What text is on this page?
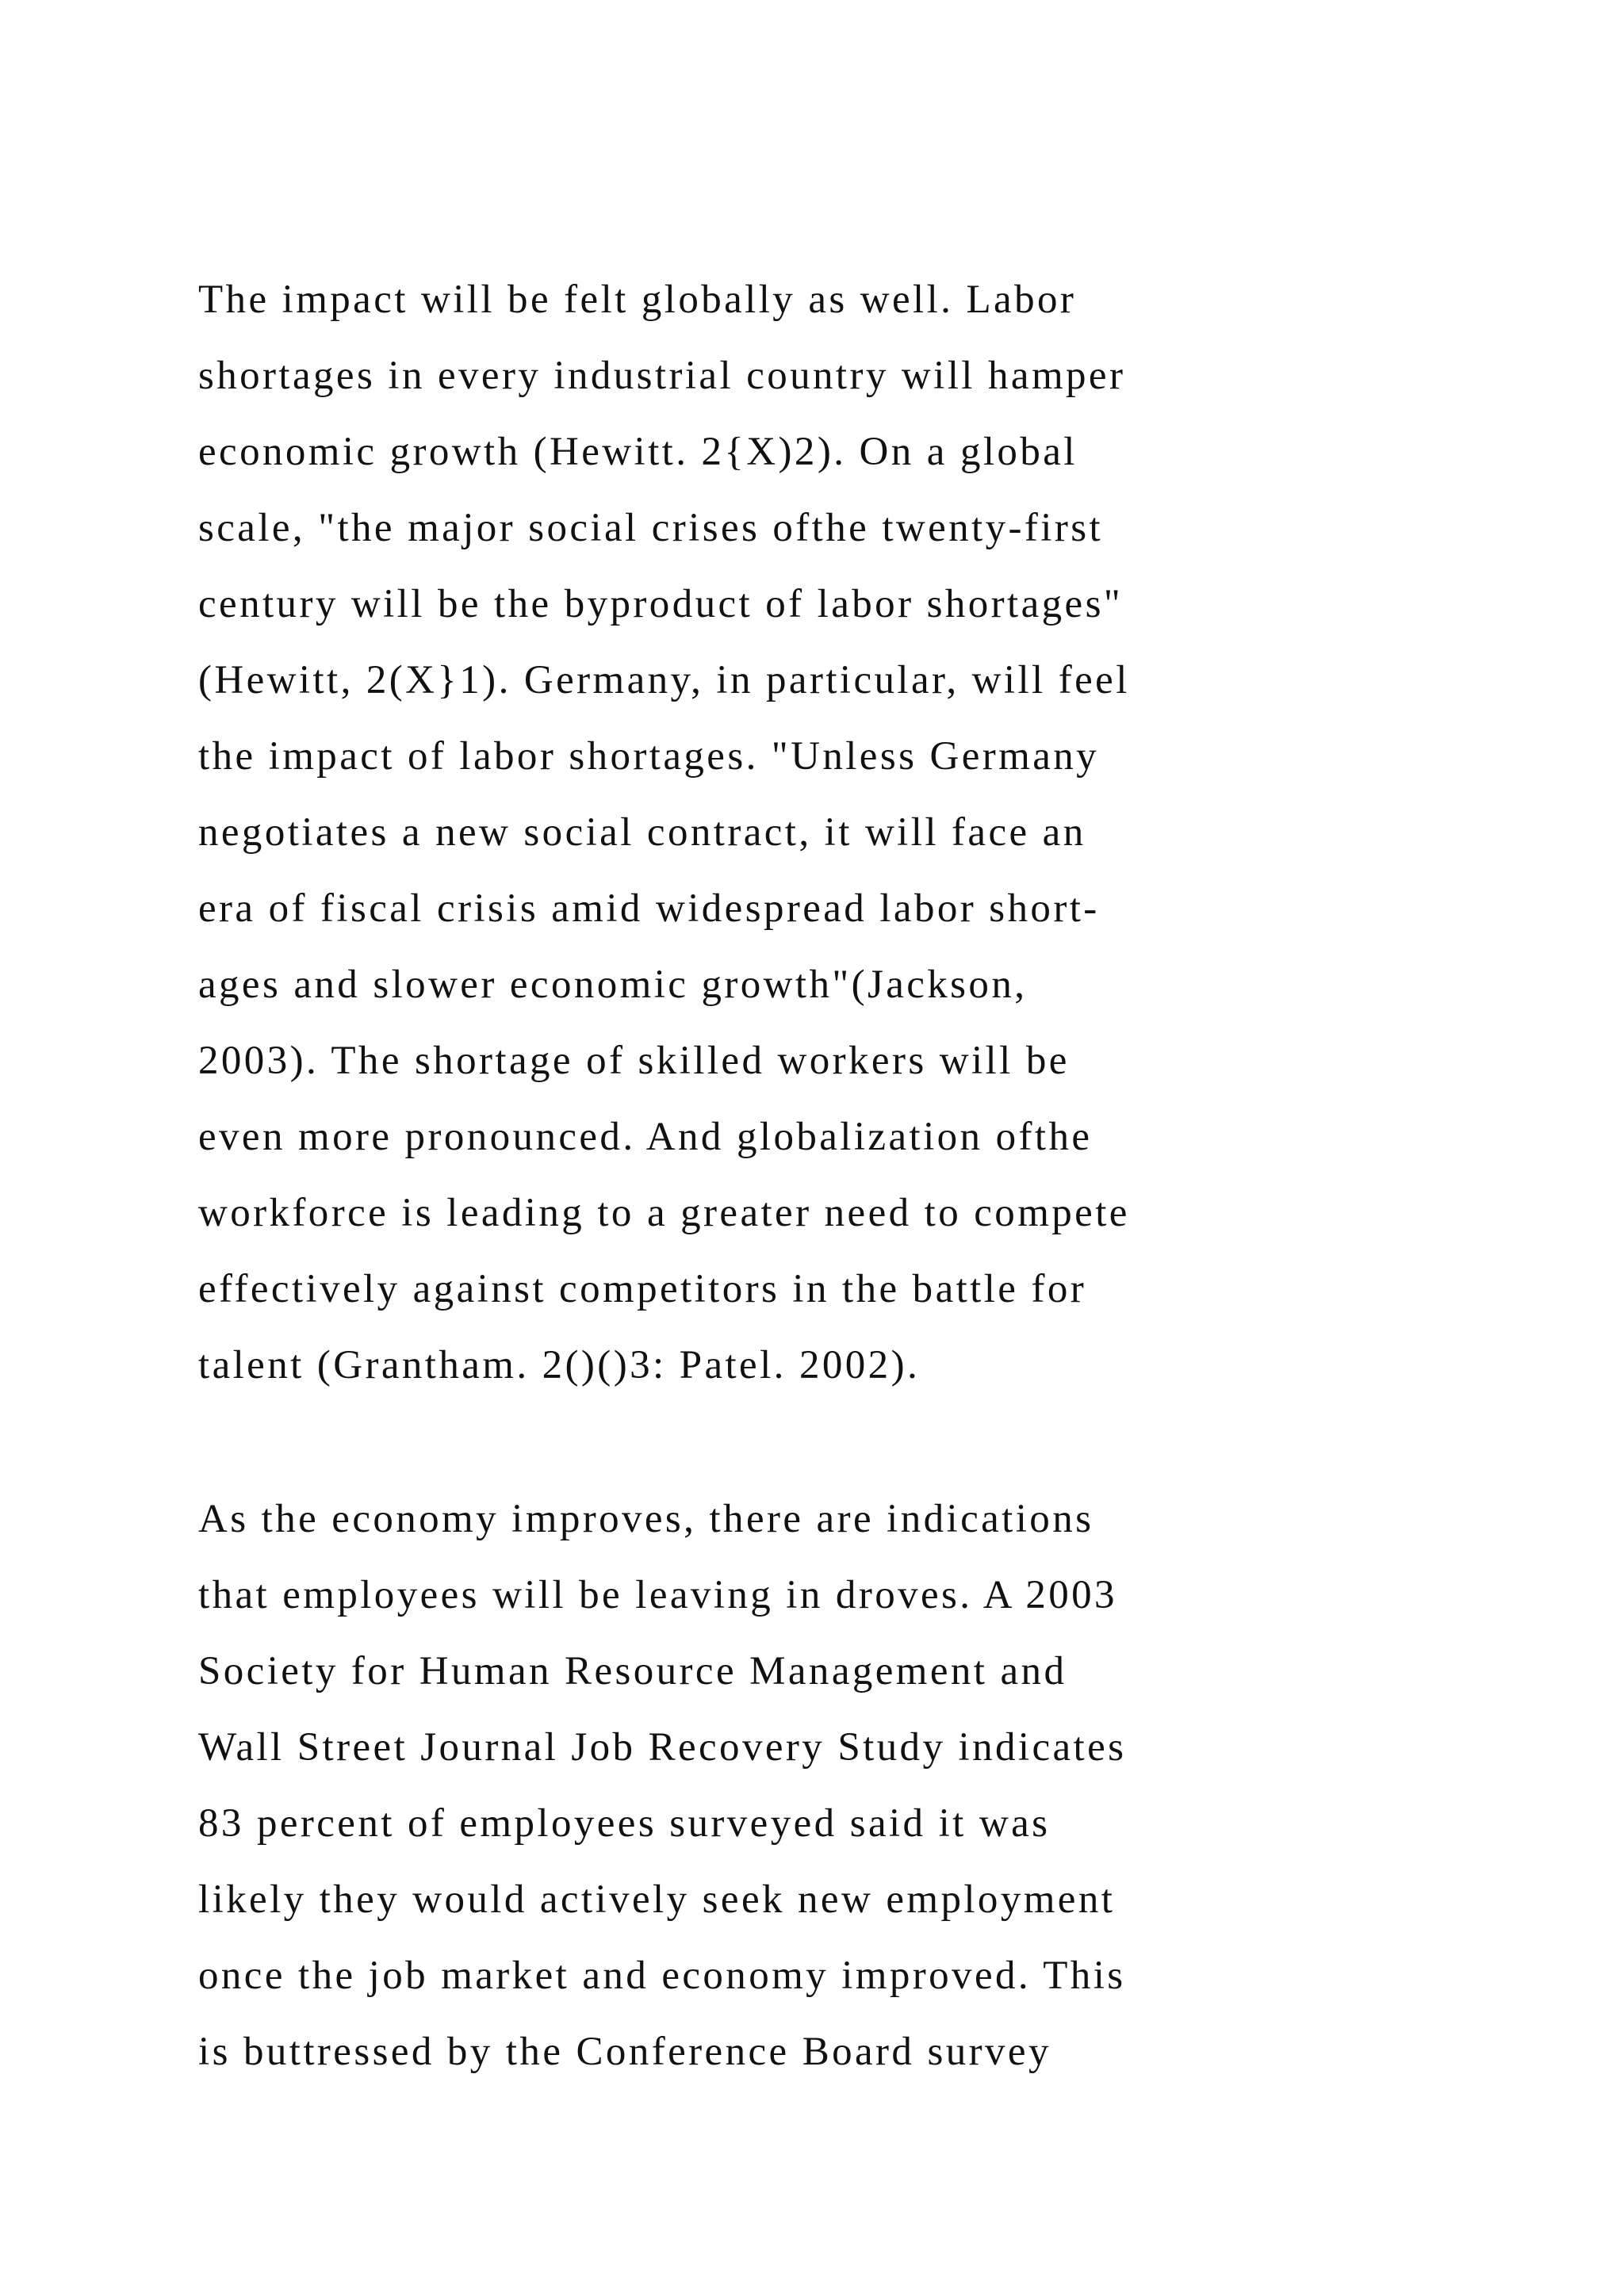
The impact will be felt globally as well. Labor
shortages in every industrial country will hamper
economic growth (Hewitt. 2{X)2). On a global
scale, "the major social crises ofthe twenty-first
century will be the byproduct of labor shortages"
(Hewitt, 2(X}1). Germany, in particular, will feel
the impact of labor shortages. "Unless Germany
negotiates a new social contract, it will face an
era of fiscal crisis amid widespread labor short-
ages and slower economic growth"(Jackson,
2003). The shortage of skilled workers will be
even more pronounced. And globalization ofthe
workforce is leading to a greater need to compete
effectively against competitors in the battle for
talent (Grantham. 2()()3: Patel. 2002).
As the economy improves, there are indications
that employees will be leaving in droves. A 2003
Society for Human Resource Management and
Wall Street Journal Job Recovery Study indicates
83 percent of employees surveyed said it was
likely they would actively seek new employment
once the job market and economy improved. This
is buttressed by the Conference Board survey
